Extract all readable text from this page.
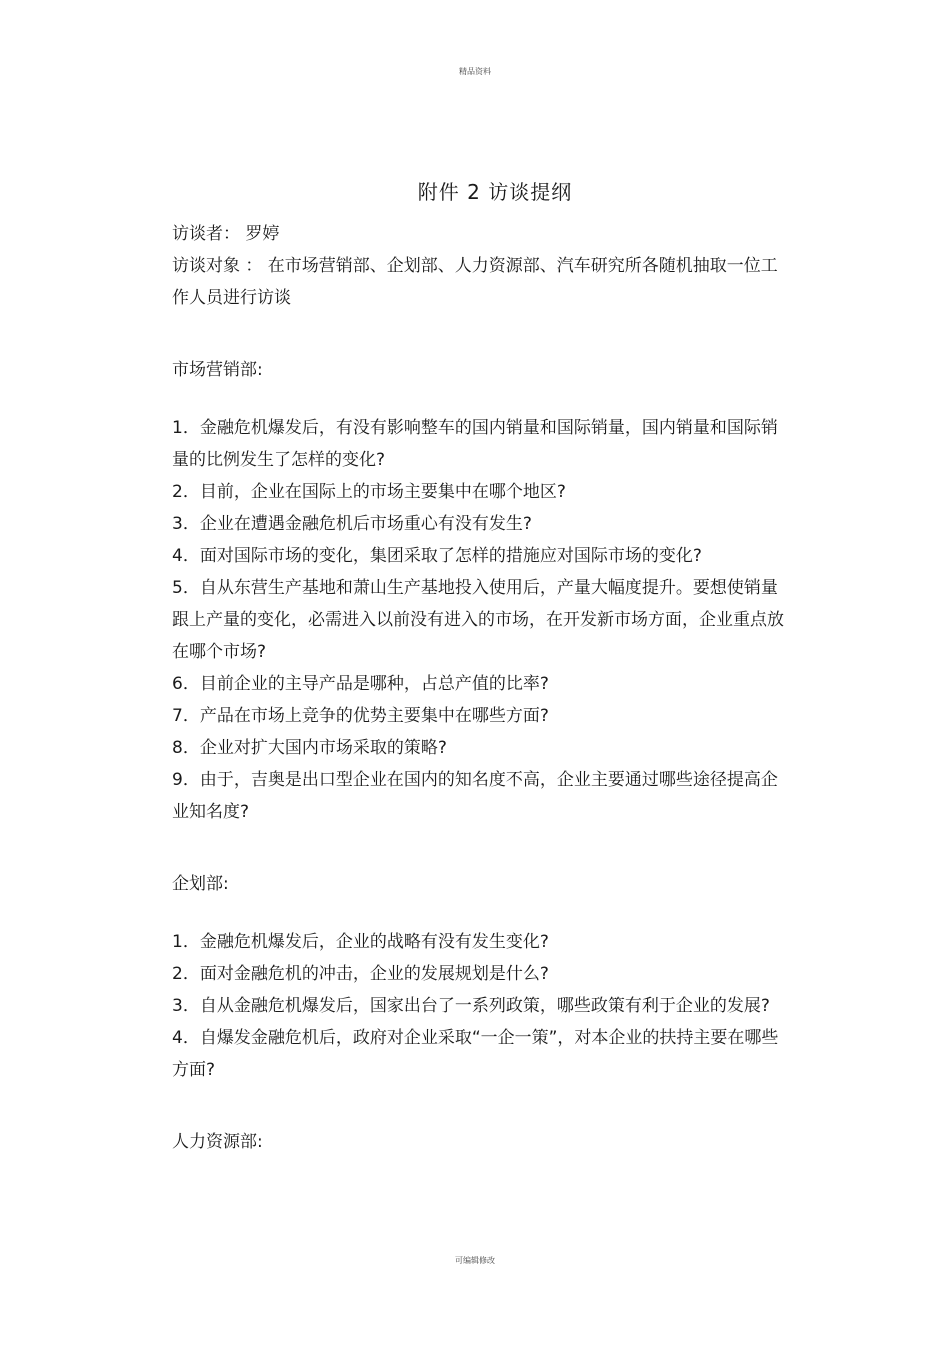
精品资料
附件 2 访谈提纲

访谈者： 罗婷

访谈对象 ： 在市场营销部、企划部、人力资源部、汽车研究所各随机抽取一位工作人员进行访谈

市场营销部:

1．金融危机爆发后，有没有影响整车的国内销量和国际销量，国内销量和国际销量的比例发生了怎样的变化?

2．目前，企业在国际上的市场主要集中在哪个地区?

3．企业在遭遇金融危机后市场重心有没有发生?

4．面对国际市场的变化，集团采取了怎样的措施应对国际市场的变化?

5．自从东营生产基地和萧山生产基地投入使用后，产量大幅度提升。要想使销量跟上产量的变化，必需进入以前没有进入的市场，在开发新市场方面，企业重点放在哪个市场?

6．目前企业的主导产品是哪种，占总产值的比率?

7．产品在市场上竞争的优势主要集中在哪些方面?

8．企业对扩大国内市场采取的策略?

9．由于，吉奥是出口型企业在国内的知名度不高，企业主要通过哪些途径提高企业知名度?

企划部:

1．金融危机爆发后，企业的战略有没有发生变化?

2．面对金融危机的冲击，企业的发展规划是什么?

3．自从金融危机爆发后，国家出台了一系列政策，哪些政策有利于企业的发展?

4．自爆发金融危机后，政府对企业采取“一企一策”，对本企业的扶持主要在哪些方面?

人力资源部:

可编辑修改
